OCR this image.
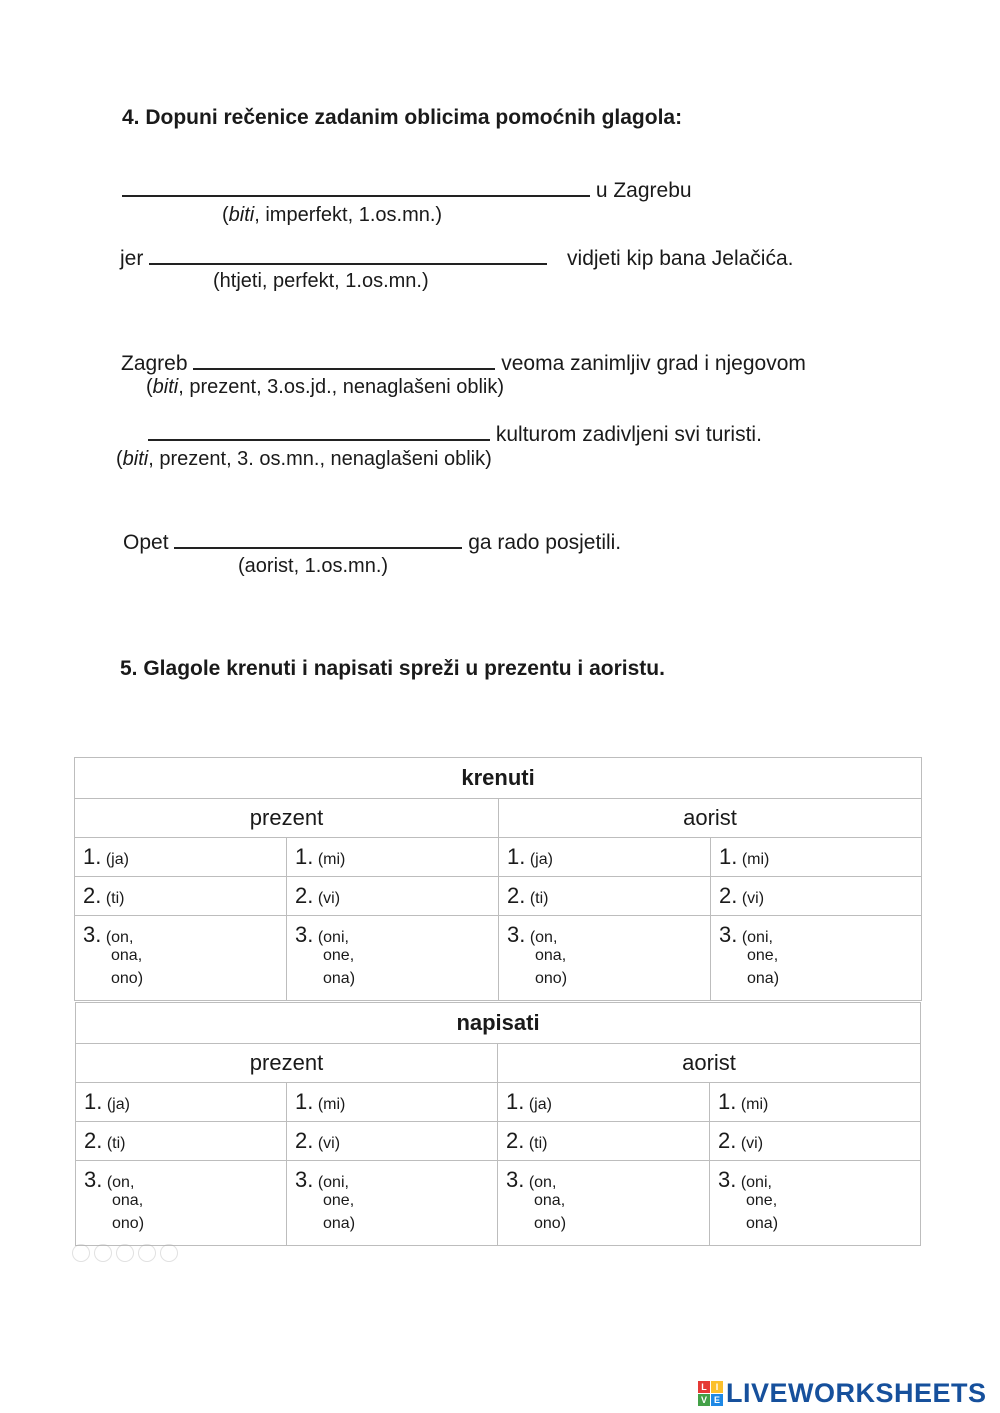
4. Dopuni rečenice zadanim oblicima pomoćnih glagola:
u Zagrebu
(biti, imperfekt, 1.os.mn.)
jer	vidjeti kip bana Jelačića.
(htjeti, perfekt, 1.os.mn.)
Zagreb	veoma zanimljiv grad i njegovom
(biti, prezent, 3.os.jd., nenaglašeni oblik)
kulturom zadivljeni svi turisti.
(biti, prezent, 3. os.mn., nenaglašeni oblik)
Opet	ga rado posjetili.
(aorist, 1.os.mn.)
5. Glagole krenuti i napisati spreži u prezentu i aoristu.
krenuti			
prezent		aorist	
1. (ja)	1. (mi)	1. (ja)	1. (mi)
2. (ti)	2. (vi)	2. (ti)	2. (vi)
3. (on,
ona,
ono)	3. (oni,
one,
ona)	3. (on,
ona,
ono)	3. (oni,
one,
ona)
napisati			
prezent		aorist	
1. (ja)	1. (mi)	1. (ja)	1. (mi)
2. (ti)	2. (vi)	2. (ti)	2. (vi)
3. (on,
ona,
ono)	3. (oni,
one,
ona)	3. (on,
ona,
ono)	3. (oni,
one,
ona)
L I
V E LIVEWORKSHEETS
